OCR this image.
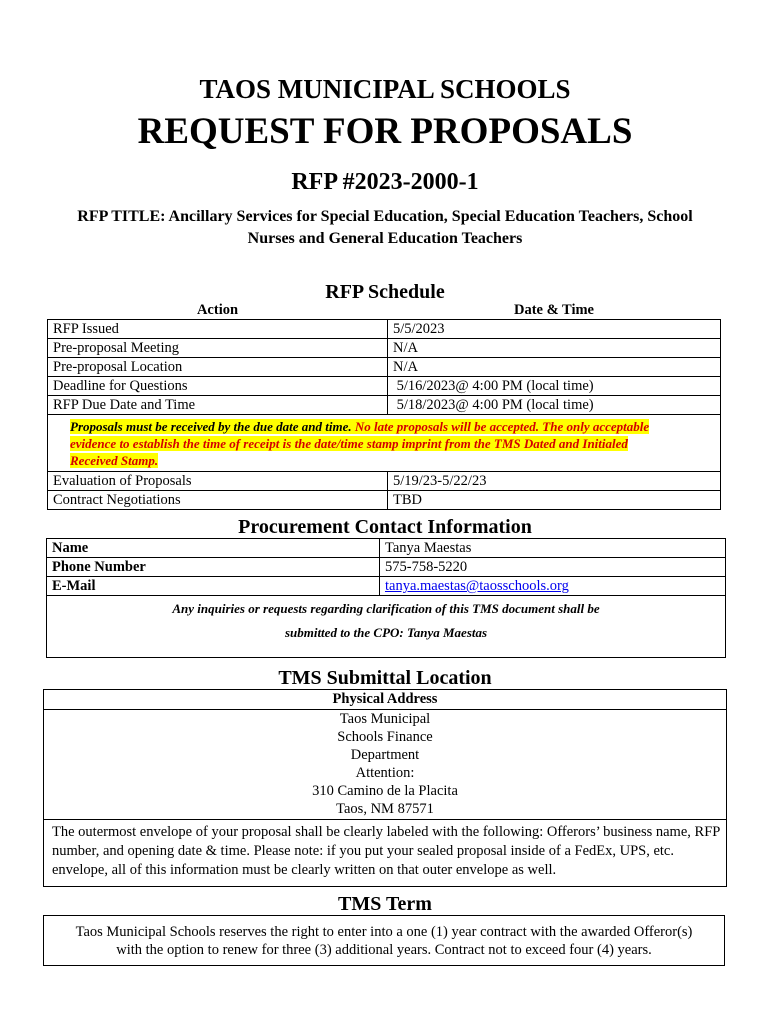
TAOS MUNICIPAL SCHOOLS
REQUEST FOR PROPOSALS
RFP #2023-2000-1
RFP TITLE: Ancillary Services for Special Education, Special Education Teachers, School
Nurses and General Education Teachers
RFP Schedule
Action	Date & Time
RFP Issued	5/5/2023
Pre-proposal Meeting	N/A
Pre-proposal Location	N/A
Deadline for Questions	5/16/2023@ 4:00 PM (local time)
RFP Due Date and Time	5/18/2023@ 4:00 PM (local time)
Proposals must be received by the due date and time. No late proposals will be accepted. The only acceptable
evidence to establish the time of receipt is the date/time stamp imprint from the TMS Dated and Initialed
Received Stamp.	
Evaluation of Proposals	5/19/23-5/22/23
Contract Negotiations	TBD
Procurement Contact Information
Name	Tanya Maestas
Phone Number	575-758-5220
E-Mail	tanya.maestas@taosschools.org
Any inquiries or requests regarding clarification of this TMS document shall be
submitted to the CPO: Tanya Maestas
TMS Submittal Location
Physical Address
Taos Municipal
Schools Finance
Department
Attention:
310 Camino de la Placita
Taos, NM 87571
The outermost envelope of your proposal shall be clearly labeled with the following: Offerors’ business name, RFP number, and opening date & time. Please note: if you put your sealed proposal inside of a FedEx, UPS, etc. envelope, all of this information must be clearly written on that outer envelope as well.
TMS Term
Taos Municipal Schools reserves the right to enter into a one (1) year contract with the awarded Offeror(s)
with the option to renew for three (3) additional years. Contract not to exceed four (4) years.
